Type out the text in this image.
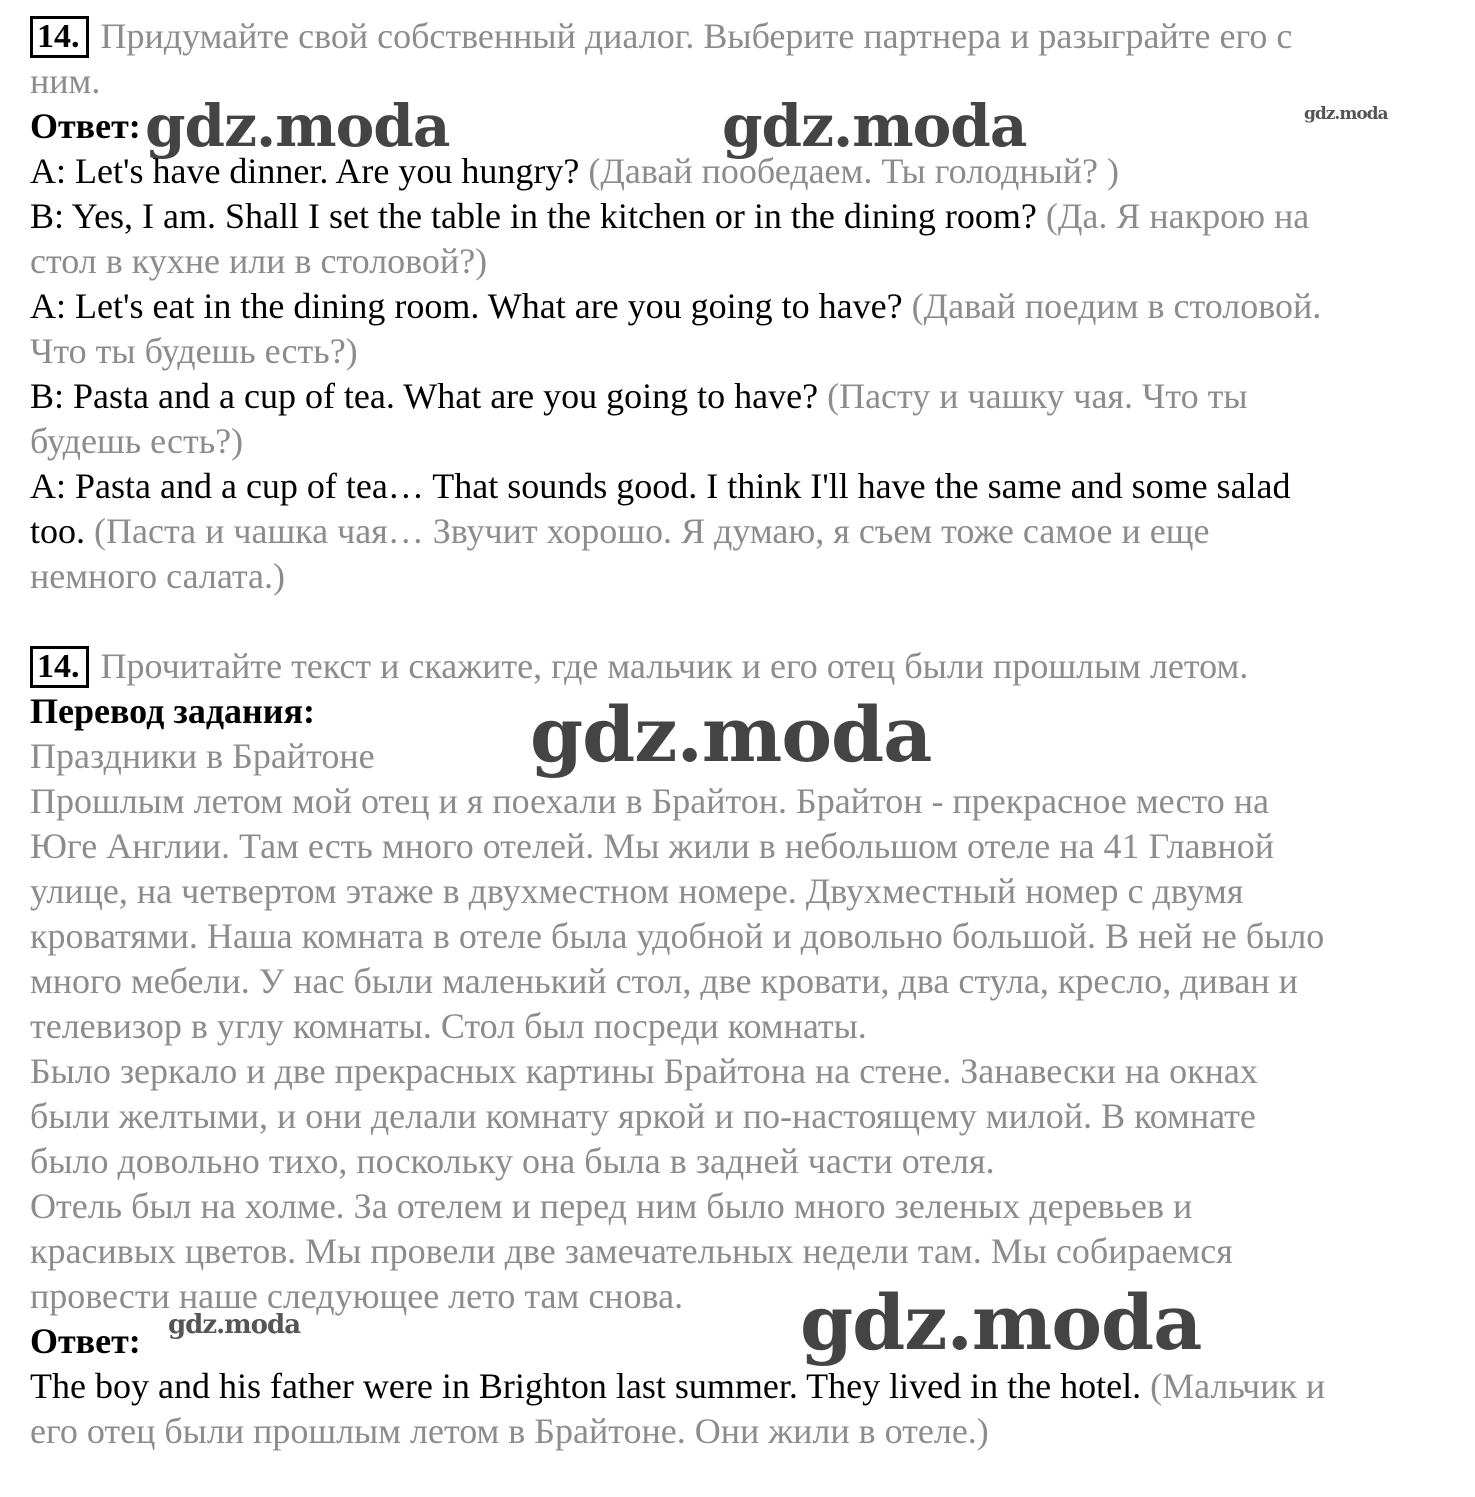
14. Придумайте свой собственный диалог. Выберите партнера и разыграйте его с
ним.
Ответ:
A: Let's have dinner. Are you hungry? (Давай пообедаем. Ты голодный? )
B: Yes, I am. Shall I set the table in the kitchen or in the dining room? (Да. Я накрою на
стол в кухне или в столовой?)
A: Let's eat in the dining room. What are you going to have? (Давай поедим в столовой.
Что ты будешь есть?)
B: Pasta and a cup of tea. What are you going to have? (Пасту и чашку чая. Что ты
будешь есть?)
A: Pasta and a cup of tea… That sounds good. I think I'll have the same and some salad
too. (Паста и чашка чая… Звучит хорошо. Я думаю, я съем тоже самое и еще
немного салата.)
14. Прочитайте текст и скажите, где мальчик и его отец были прошлым летом.
Перевод задания:
Праздники в Брайтоне
Прошлым летом мой отец и я поехали в Брайтон. Брайтон - прекрасное место на
Юге Англии. Там есть много отелей. Мы жили в небольшом отеле на 41 Главной
улице, на четвертом этаже в двухместном номере. Двухместный номер с двумя
кроватями. Наша комната в отеле была удобной и довольно большой. В ней не было
много мебели. У нас были маленький стол, две кровати, два стула, кресло, диван и
телевизор в углу комнаты. Стол был посреди комнаты.
Было зеркало и две прекрасных картины Брайтона на стене. Занавески на окнах
были желтыми, и они делали комнату яркой и по-настоящему милой. В комнате
было довольно тихо, поскольку она была в задней части отеля.
Отель был на холме. За отелем и перед ним было много зеленых деревьев и
красивых цветов. Мы провели две замечательных недели там. Мы собираемся
провести наше следующее лето там снова.
Ответ:
The boy and his father were in Brighton last summer. They lived in the hotel. (Мальчик и
его отец были прошлым летом в Брайтоне. Они жили в отеле.)
gdz.moda	gdz.moda	gdz.moda
gdz.moda
gdz.moda
gdz.moda
